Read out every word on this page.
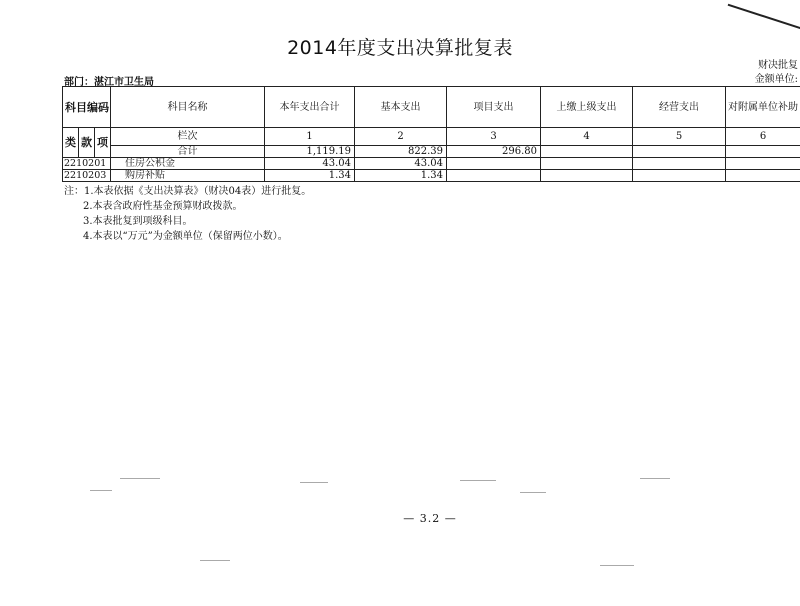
2014年度支出决算批复表
财决批复
金额单位:
部门：湛江市卫生局
科目编码			科目名称	本年支出合计	基本支出	项目支出	上缴上级支出	经营支出	对附属单位补助
类	款	项	栏次	1	2	3	4	5	6
			合计	1,119.19	822.39	296.80			
2210201			住房公积金	43.04	43.04				
2210203			购房补贴	1.34	1.34				
注：1.本表依据《支出决算表》（财决04表）进行批复。
2.本表含政府性基金预算财政拨款。
3.本表批复到项级科目。
4.本表以“万元”为金额单位（保留两位小数）。
— 3.2 —
